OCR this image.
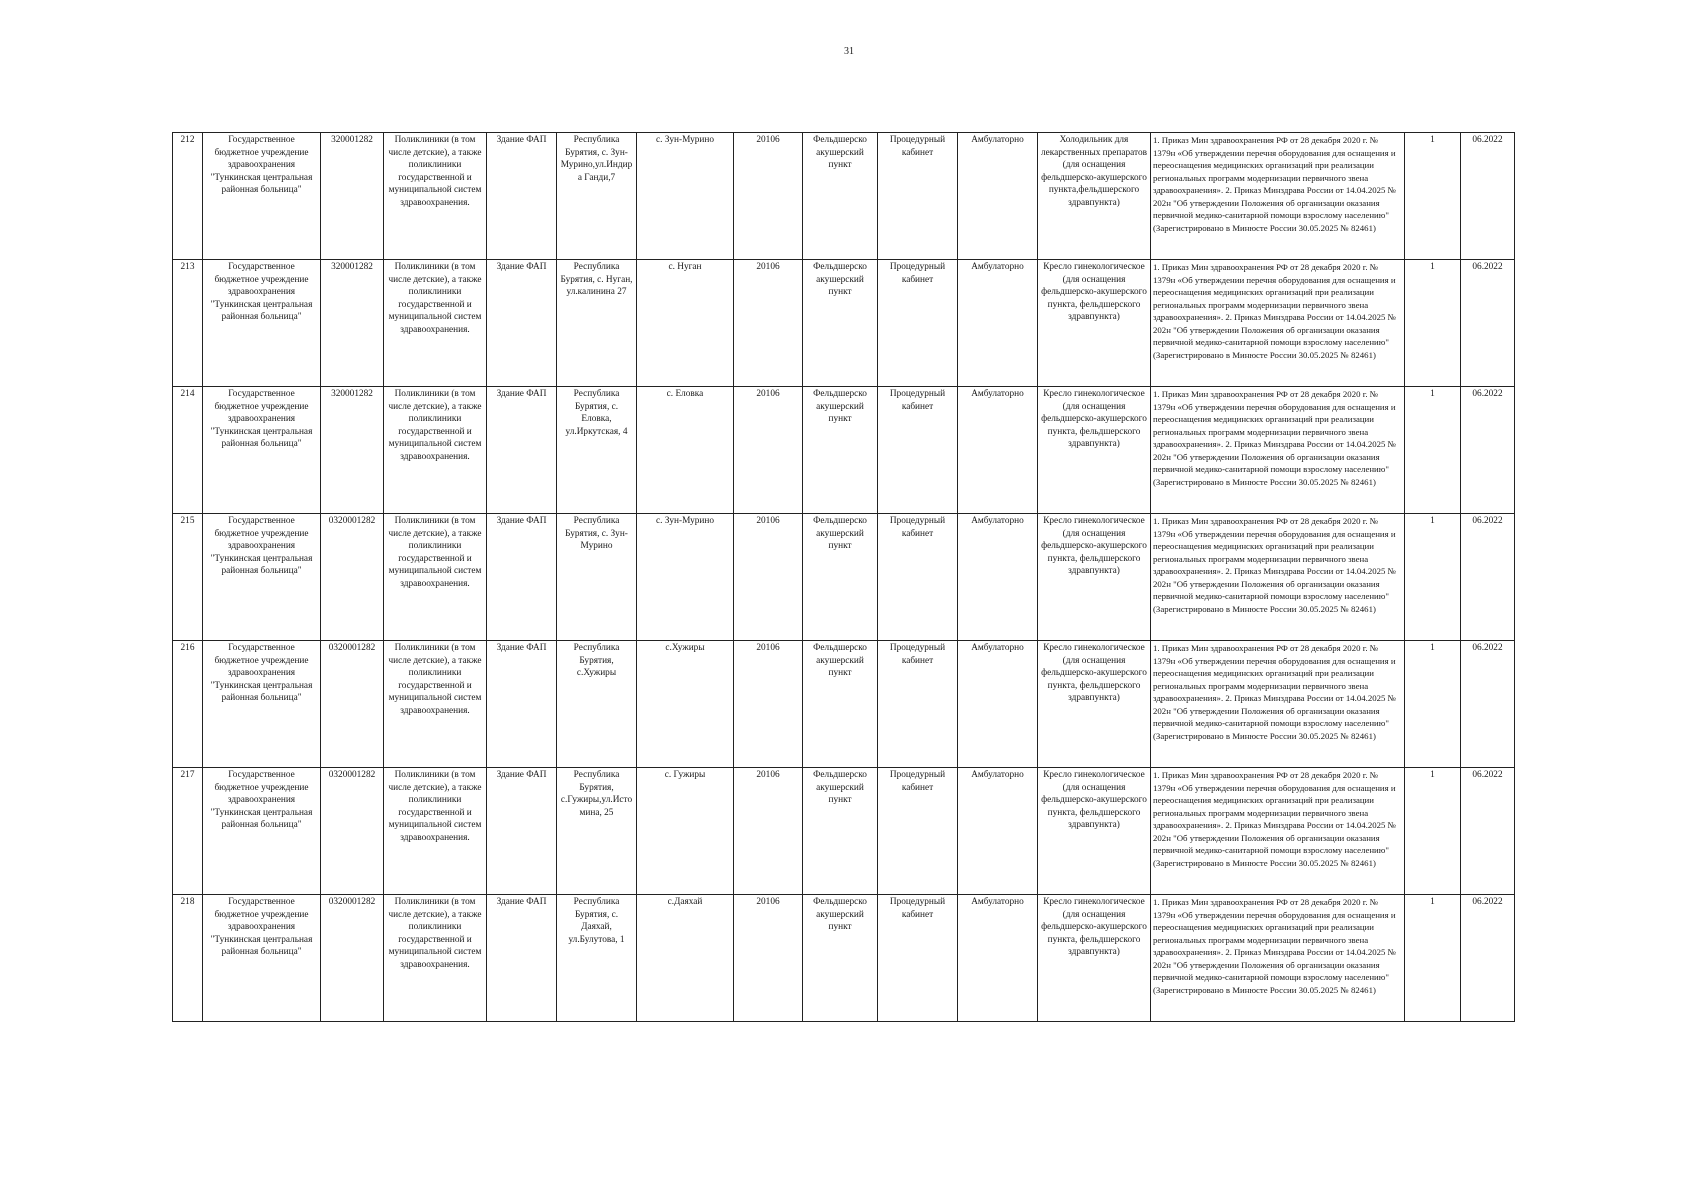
31
212	Государственное бюджетное учреждение здравоохранения "Тункинская центральная районная больница"	320001282	Поликлиники (в том числе детские), а также поликлиники государственной и муниципальной систем здравоохранения.	Здание ФАП	Республика Бурятия, с. Зун-Мурино,ул.Индира Ганди,7	с. Зун-Мурино	20106	Фельдшерско акушерский пункт	Процедурный кабинет	Амбулаторно	Холодильник для лекарственных препаратов (для оснащения фельдшерско-акушерского пункта,фельдшерского здравпункта)	1. Приказ Мин здравоохранения РФ от 28 декабря 2020 г. № 1379н «Об утверждении перечня оборудования для оснащения и переоснащения медицинских организаций при реализации региональных программ модернизации первичного звена здравоохранения». 2. Приказ Минздрава России от 14.04.2025 № 202н "Об утверждении Положения об организации оказания первичной медико-санитарной помощи взрослому населению" (Зарегистрировано в Минюсте России 30.05.2025 № 82461)	1	06.2022
213	Государственное бюджетное учреждение здравоохранения "Тункинская центральная районная больница"	320001282	Поликлиники (в том числе детские), а также поликлиники государственной и муниципальной систем здравоохранения.	Здание ФАП	Республика Бурятия, с. Нуган, ул.калинина 27	с. Нуган	20106	Фельдшерско акушерский пункт	Процедурный кабинет	Амбулаторно	Кресло гинекологическое (для оснащения фельдшерско-акушерского пункта, фельдшерского здравпункта)	1. Приказ Мин здравоохранения РФ от 28 декабря 2020 г. № 1379н «Об утверждении перечня оборудования для оснащения и переоснащения медицинских организаций при реализации региональных программ модернизации первичного звена здравоохранения». 2. Приказ Минздрава России от 14.04.2025 № 202н "Об утверждении Положения об организации оказания первичной медико-санитарной помощи взрослому населению" (Зарегистрировано в Минюсте России 30.05.2025 № 82461)	1	06.2022
214	Государственное бюджетное учреждение здравоохранения "Тункинская центральная районная больница"	320001282	Поликлиники (в том числе детские), а также поликлиники государственной и муниципальной систем здравоохранения.	Здание ФАП	Республика Бурятия, с. Еловка, ул.Иркутская, 4	с. Еловка	20106	Фельдшерско акушерский пункт	Процедурный кабинет	Амбулаторно	Кресло гинекологическое (для оснащения фельдшерско-акушерского пункта, фельдшерского здравпункта)	1. Приказ Мин здравоохранения РФ от 28 декабря 2020 г. № 1379н «Об утверждении перечня оборудования для оснащения и переоснащения медицинских организаций при реализации региональных программ модернизации первичного звена здравоохранения». 2. Приказ Минздрава России от 14.04.2025 № 202н "Об утверждении Положения об организации оказания первичной медико-санитарной помощи взрослому населению" (Зарегистрировано в Минюсте России 30.05.2025 № 82461)	1	06.2022
215	Государственное бюджетное учреждение здравоохранения "Тункинская центральная районная больница"	0320001282	Поликлиники (в том числе детские), а также поликлиники государственной и муниципальной систем здравоохранения.	Здание ФАП	Республика Бурятия, с. Зун-Мурино	с. Зун-Мурино	20106	Фельдшерско акушерский пункт	Процедурный кабинет	Амбулаторно	Кресло гинекологическое (для оснащения фельдшерско-акушерского пункта, фельдшерского здравпункта)	1. Приказ Мин здравоохранения РФ от 28 декабря 2020 г. № 1379н «Об утверждении перечня оборудования для оснащения и переоснащения медицинских организаций при реализации региональных программ модернизации первичного звена здравоохранения». 2. Приказ Минздрава России от 14.04.2025 № 202н "Об утверждении Положения об организации оказания первичной медико-санитарной помощи взрослому населению" (Зарегистрировано в Минюсте России 30.05.2025 № 82461)	1	06.2022
216	Государственное бюджетное учреждение здравоохранения "Тункинская центральная районная больница"	0320001282	Поликлиники (в том числе детские), а также поликлиники государственной и муниципальной систем здравоохранения.	Здание ФАП	Республика Бурятия, с.Хужиры	с.Хужиры	20106	Фельдшерско акушерский пункт	Процедурный кабинет	Амбулаторно	Кресло гинекологическое (для оснащения фельдшерско-акушерского пункта, фельдшерского здравпункта)	1. Приказ Мин здравоохранения РФ от 28 декабря 2020 г. № 1379н «Об утверждении перечня оборудования для оснащения и переоснащения медицинских организаций при реализации региональных программ модернизации первичного звена здравоохранения». 2. Приказ Минздрава России от 14.04.2025 № 202н "Об утверждении Положения об организации оказания первичной медико-санитарной помощи взрослому населению" (Зарегистрировано в Минюсте России 30.05.2025 № 82461)	1	06.2022
217	Государственное бюджетное учреждение здравоохранения "Тункинская центральная районная больница"	0320001282	Поликлиники (в том числе детские), а также поликлиники государственной и муниципальной систем здравоохранения.	Здание ФАП	Республика Бурятия, с.Гужиры,ул.Истомина, 25	с. Гужиры	20106	Фельдшерско акушерский пункт	Процедурный кабинет	Амбулаторно	Кресло гинекологическое (для оснащения фельдшерско-акушерского пункта, фельдшерского здравпункта)	1. Приказ Мин здравоохранения РФ от 28 декабря 2020 г. № 1379н «Об утверждении перечня оборудования для оснащения и переоснащения медицинских организаций при реализации региональных программ модернизации первичного звена здравоохранения». 2. Приказ Минздрава России от 14.04.2025 № 202н "Об утверждении Положения об организации оказания первичной медико-санитарной помощи взрослому населению" (Зарегистрировано в Минюсте России 30.05.2025 № 82461)	1	06.2022
218	Государственное бюджетное учреждение здравоохранения "Тункинская центральная районная больница"	0320001282	Поликлиники (в том числе детские), а также поликлиники государственной и муниципальной систем здравоохранения.	Здание ФАП	Республика Бурятия, с. Даяхай, ул.Булутова, 1	с.Даяхай	20106	Фельдшерско акушерский пункт	Процедурный кабинет	Амбулаторно	Кресло гинекологическое (для оснащения фельдшерско-акушерского пункта, фельдшерского здравпункта)	1. Приказ Мин здравоохранения РФ от 28 декабря 2020 г. № 1379н «Об утверждении перечня оборудования для оснащения и переоснащения медицинских организаций при реализации региональных программ модернизации первичного звена здравоохранения». 2. Приказ Минздрава России от 14.04.2025 № 202н "Об утверждении Положения об организации оказания первичной медико-санитарной помощи взрослому населению" (Зарегистрировано в Минюсте России 30.05.2025 № 82461)	1	06.2022
